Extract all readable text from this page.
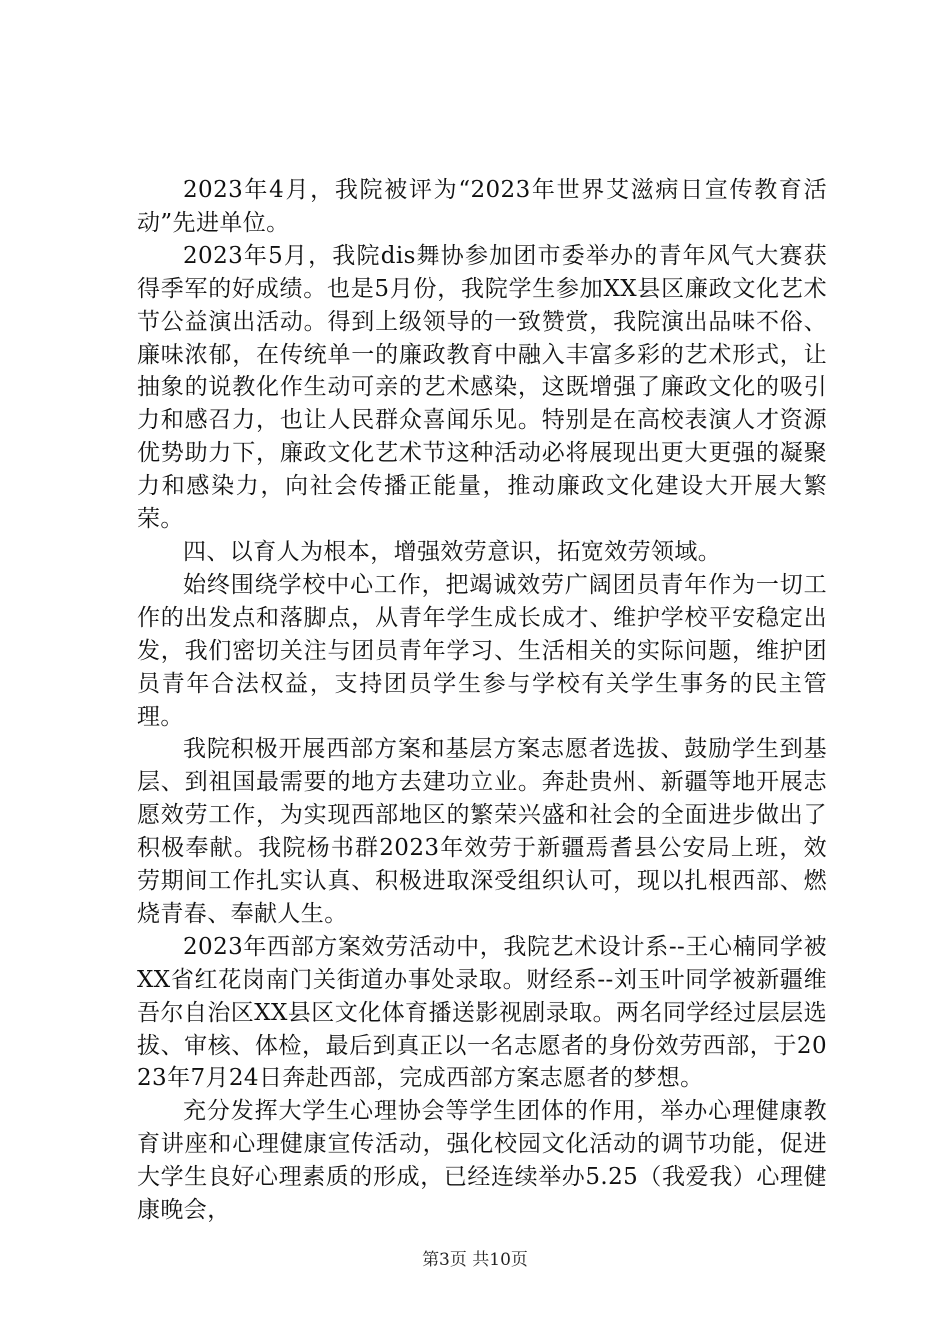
2023年4月，我院被评为“2023年世界艾滋病日宣传教育活动”先进单位。

2023年5月，我院dis舞协参加团市委举办的青年风气大赛获得季军的好成绩。也是5月份，我院学生参加XX县区廉政文化艺术节公益演出活动。得到上级领导的一致赞赏，我院演出品味不俗、廉味浓郁，在传统单一的廉政教育中融入丰富多彩的艺术形式，让抽象的说教化作生动可亲的艺术感染，这既增强了廉政文化的吸引力和感召力，也让人民群众喜闻乐见。特别是在高校表演人才资源优势助力下，廉政文化艺术节这种活动必将展现出更大更强的凝聚力和感染力，向社会传播正能量，推动廉政文化建设大开展大繁荣。

四、以育人为根本，增强效劳意识，拓宽效劳领域。

始终围绕学校中心工作，把竭诚效劳广阔团员青年作为一切工作的出发点和落脚点，从青年学生成长成才、维护学校平安稳定出发，我们密切关注与团员青年学习、生活相关的实际问题，维护团员青年合法权益，支持团员学生参与学校有关学生事务的民主管理。

我院积极开展西部方案和基层方案志愿者选拔、鼓励学生到基层、到祖国最需要的地方去建功立业。奔赴贵州、新疆等地开展志愿效劳工作，为实现西部地区的繁荣兴盛和社会的全面进步做出了积极奉献。我院杨书群2023年效劳于新疆焉耆县公安局上班，效劳期间工作扎实认真、积极进取深受组织认可，现以扎根西部、燃烧青春、奉献人生。

2023年西部方案效劳活动中，我院艺术设计系--王心楠同学被XX省红花岗南门关街道办事处录取。财经系--刘玉叶同学被新疆维吾尔自治区XX县区文化体育播送影视剧录取。两名同学经过层层选拔、审核、体检，最后到真正以一名志愿者的身份效劳西部，于2023年7月24日奔赴西部，完成西部方案志愿者的梦想。

充分发挥大学生心理协会等学生团体的作用，举办心理健康教育讲座和心理健康宣传活动，强化校园文化活动的调节功能，促进大学生良好心理素质的形成，已经连续举办5.25（我爱我）心理健康晚会，

第3页 共10页
